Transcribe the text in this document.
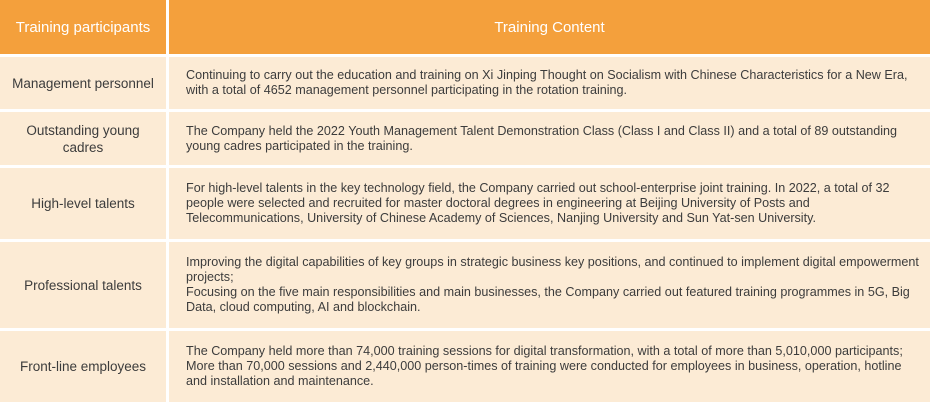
Training participants	Training Content
Management personnel
Continuing to carry out the education and training on Xi Jinping Thought on Socialism with Chinese Characteristics for a New Era, with a total of 4652 management personnel participating in the rotation training.
Outstanding young cadres
The Company held the 2022 Youth Management Talent Demonstration Class (Class I and Class II) and a total of 89 outstanding young cadres participated in the training.
High-level talents
For high-level talents in the key technology field, the Company carried out school-enterprise joint training. In 2022, a total of 32 people were selected and recruited for master doctoral degrees in engineering at Beijing University of Posts and Telecommunications, University of Chinese Academy of Sciences, Nanjing University and Sun Yat-sen University.
Professional talents
Improving the digital capabilities of key groups in strategic business key positions, and continued to implement digital empowerment projects;
Focusing on the five main responsibilities and main businesses, the Company carried out featured training programmes in 5G, Big Data, cloud computing, AI and blockchain.
Front-line employees
The Company held more than 74,000 training sessions for digital transformation, with a total of more than 5,010,000 participants;
More than 70,000 sessions and 2,440,000 person-times of training were conducted for employees in business, operation, hotline and installation and maintenance.
